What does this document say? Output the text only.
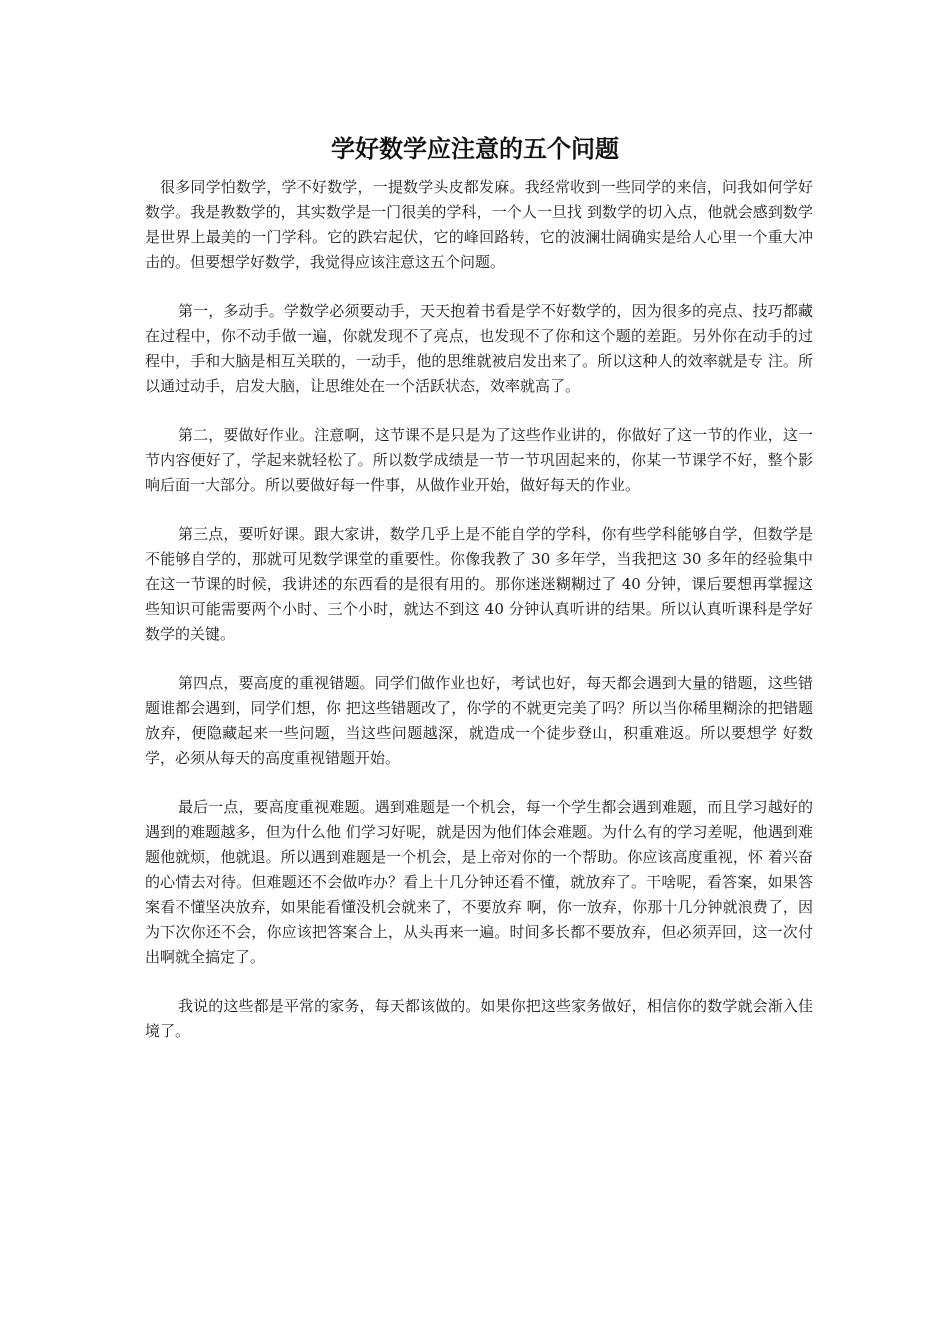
学好数学应注意的五个问题

很多同学怕数学，学不好数学，一提数学头皮都发麻。我经常收到一些同学的来信，问我如何学好数学。我是教数学的，其实数学是一门很美的学科，一个人一旦找 到数学的切入点，他就会感到数学是世界上最美的一门学科。它的跌宕起伏，它的峰回路转，它的波澜壮阔确实是给人心里一个重大冲击的。但要想学好数学，我觉得应该注意这五个问题。

第一，多动手。学数学必须要动手，天天抱着书看是学不好数学的，因为很多的亮点、技巧都藏在过程中，你不动手做一遍，你就发现不了亮点，也发现不了你和这个题的差距。另外你在动手的过程中，手和大脑是相互关联的，一动手，他的思维就被启发出来了。所以这种人的效率就是专 注。所以通过动手，启发大脑，让思维处在一个活跃状态，效率就高了。

第二，要做好作业。注意啊，这节课不是只是为了这些作业讲的，你做好了这一节的作业，这一节内容便好了，学起来就轻松了。所以数学成绩是一节一节巩固起来的，你某一节课学不好，整个影响后面一大部分。所以要做好每一件事，从做作业开始，做好每天的作业。

第三点，要听好课。跟大家讲，数学几乎上是不能自学的学科，你有些学科能够自学，但数学是不能够自学的，那就可见数学课堂的重要性。你像我教了 30 多年学，当我把这 30 多年的经验集中在这一节课的时候，我讲述的东西看的是很有用的。那你迷迷糊糊过了 40 分钟，课后要想再掌握这些知识可能需要两个小时、三个小时，就达不到这 40 分钟认真听讲的结果。所以认真听课科是学好数学的关键。

第四点，要高度的重视错题。同学们做作业也好，考试也好，每天都会遇到大量的错题，这些错题谁都会遇到，同学们想，你 把这些错题改了，你学的不就更完美了吗？所以当你稀里糊涂的把错题放弃，便隐藏起来一些问题，当这些问题越深，就造成一个徒步登山，积重难返。所以要想学 好数学，必须从每天的高度重视错题开始。

最后一点，要高度重视难题。遇到难题是一个机会，每一个学生都会遇到难题，而且学习越好的遇到的难题越多，但为什么他 们学习好呢，就是因为他们体会难题。为什么有的学习差呢，他遇到难题他就烦，他就退。所以遇到难题是一个机会，是上帝对你的一个帮助。你应该高度重视，怀 着兴奋的心情去对待。但难题还不会做咋办？看上十几分钟还看不懂，就放弃了。干啥呢，看答案，如果答案看不懂坚决放弃，如果能看懂没机会就来了，不要放弃 啊，你一放弃，你那十几分钟就浪费了，因为下次你还不会，你应该把答案合上，从头再来一遍。时间多长都不要放弃，但必须弄回，这一次付出啊就全搞定了。

我说的这些都是平常的家务，每天都该做的。如果你把这些家务做好，相信你的数学就会渐入佳境了。
